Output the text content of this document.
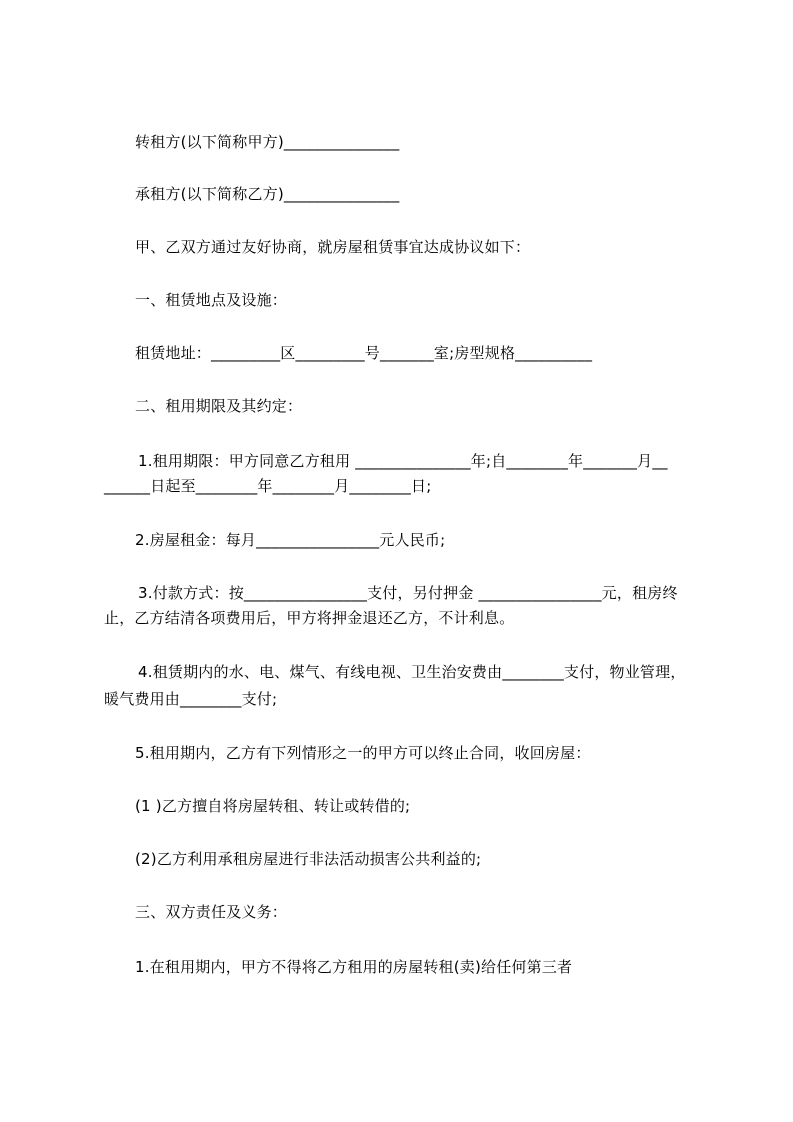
转租方(以下简称甲方)_______________
承租方(以下简称乙方)_______________
甲、乙双方通过友好协商，就房屋租赁事宜达成协议如下：
一、租赁地点及设施：
租赁地址：_________区_________号_______室;房型规格__________
二、租用期限及其约定：
1.租用期限：甲方同意乙方租用 _______________年;自________年_______月__
______日起至________年________月________日;
2.房屋租金：每月________________元人民币;
3.付款方式：按________________支付，另付押金 ________________元，租房终
止，乙方结清各项费用后，甲方将押金退还乙方，不计利息。
4.租赁期内的水、电、煤气、有线电视、卫生治安费由________支付，物业管理，
暖气费用由________支付;
5.租用期内，乙方有下列情形之一的甲方可以终止合同，收回房屋：
(1 )乙方擅自将房屋转租、转让或转借的;
(2)乙方利用承租房屋进行非法活动损害公共利益的;
三、双方责任及义务：
1.在租用期内，甲方不得将乙方租用的房屋转租(卖)给任何第三者
